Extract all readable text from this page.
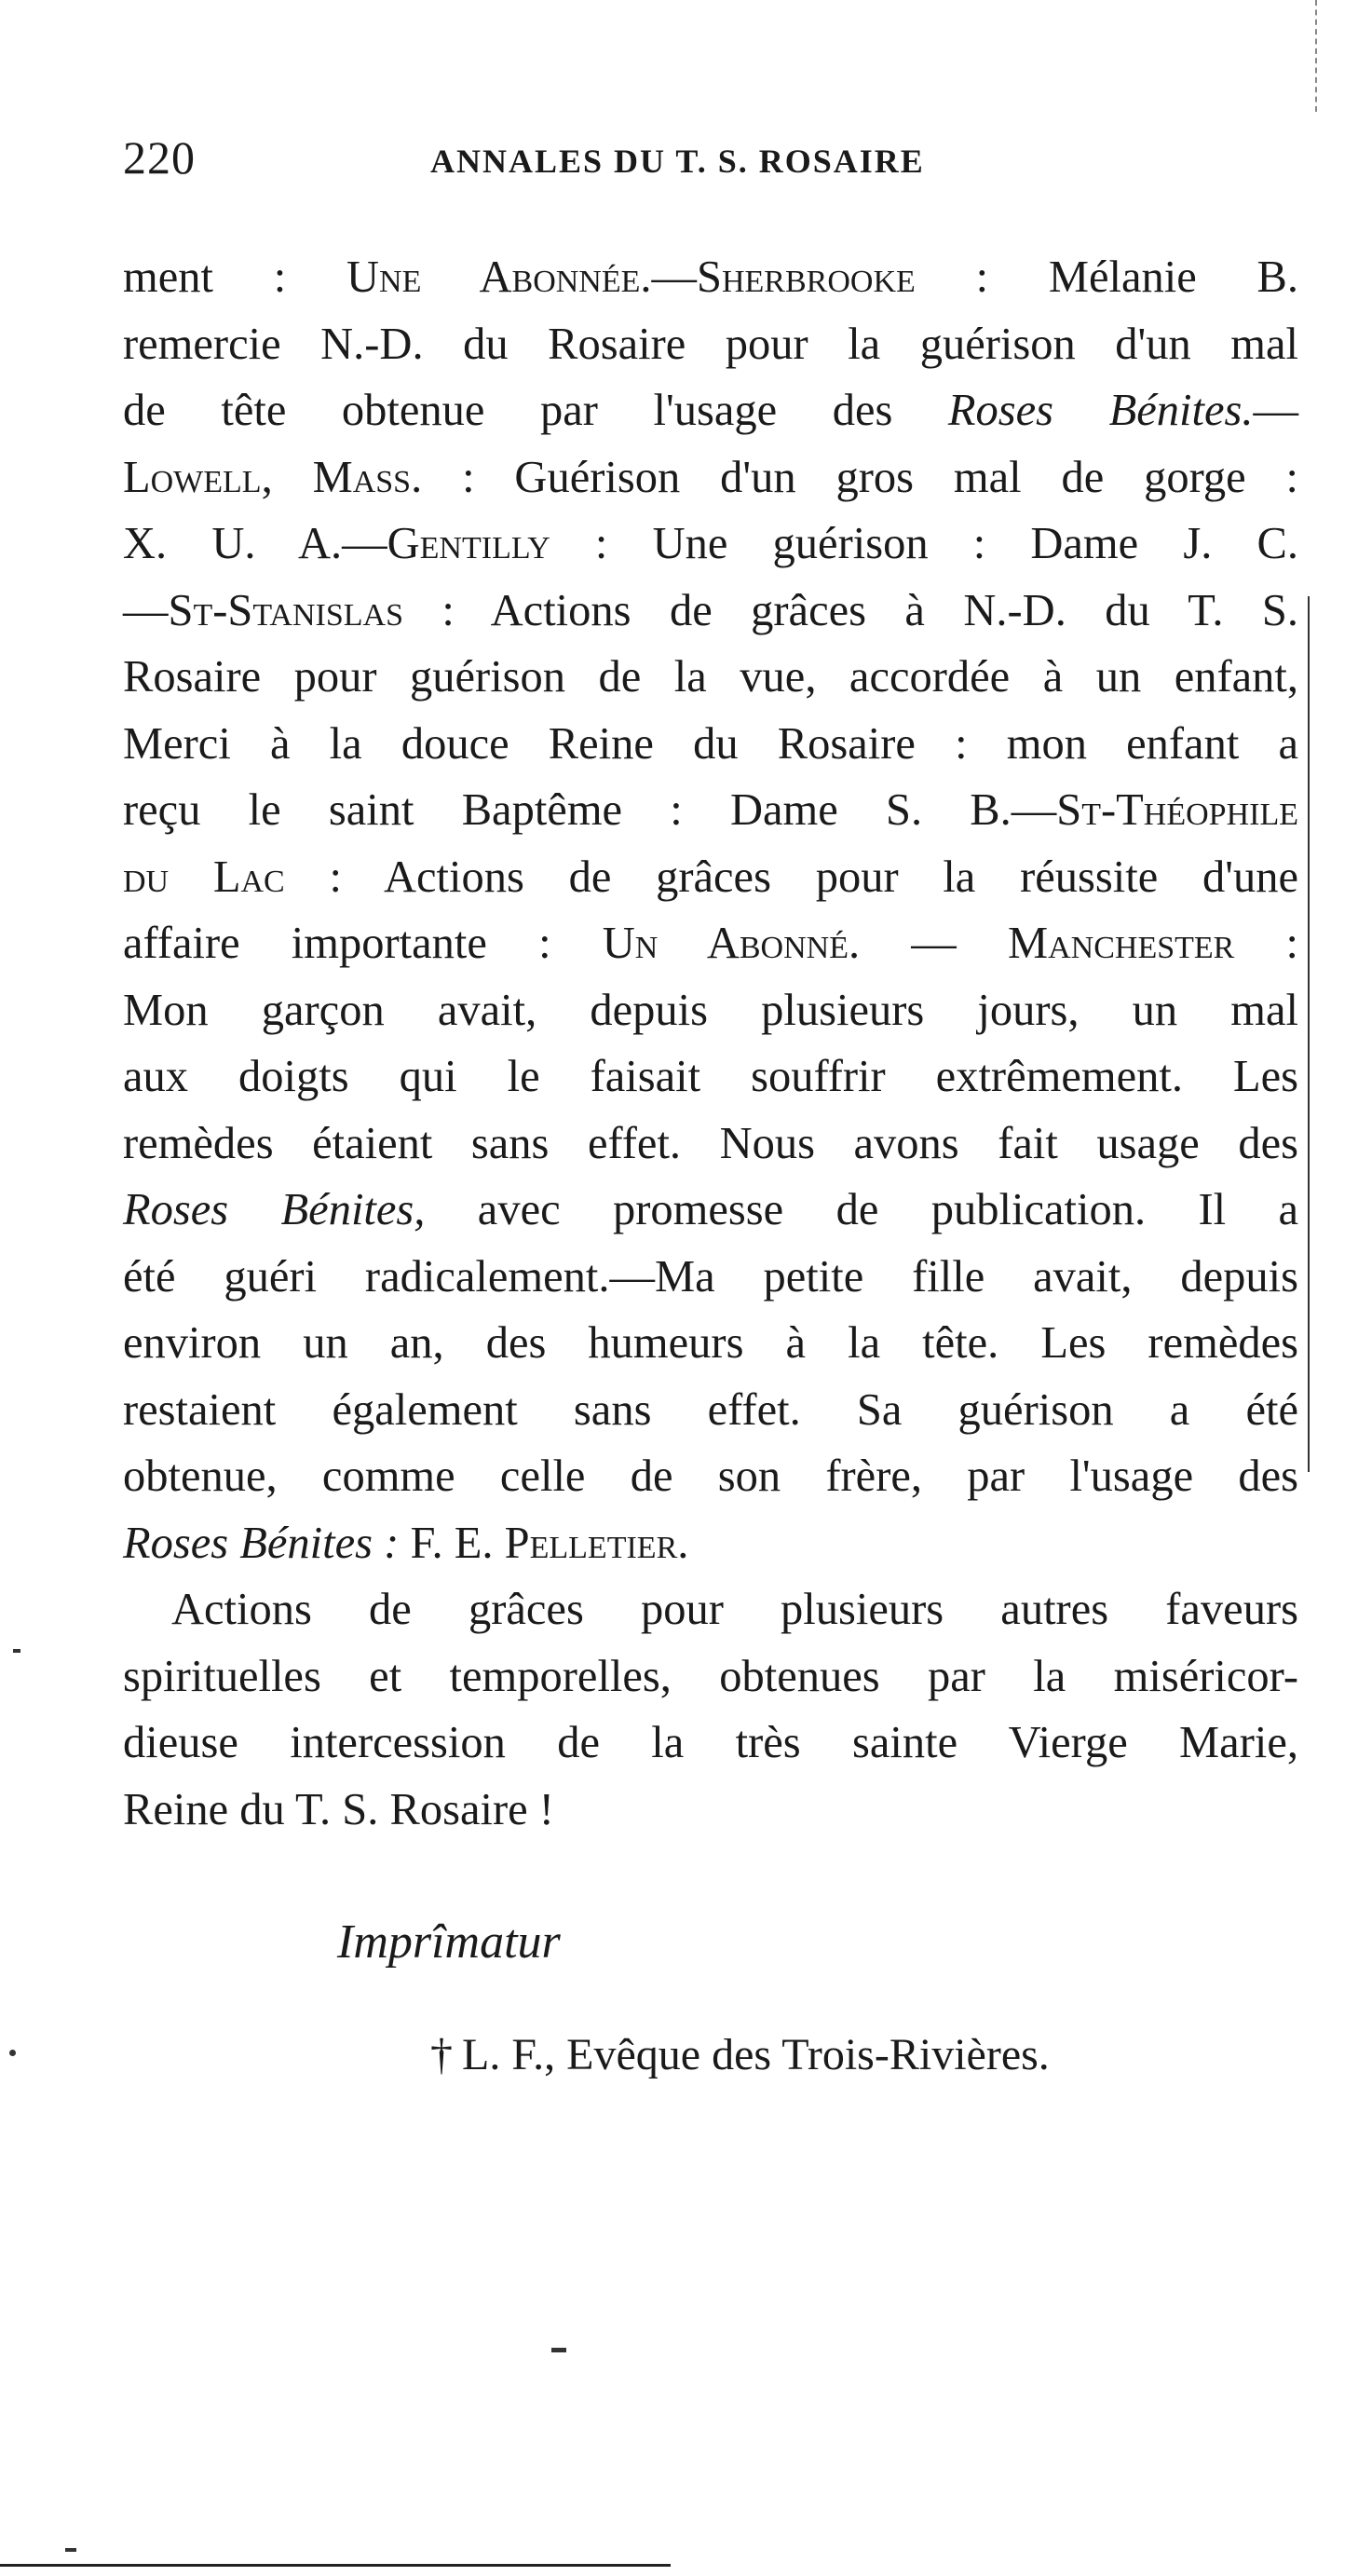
220	ANNALES DU T. S. ROSAIRE
ment : Une Abonnée.—Sherbrooke : Mélanie B.
remercie N.-D. du Rosaire pour la guérison d'un mal
de tête obtenue par l'usage des Roses Bénites.—
Lowell, Mass. : Guérison d'un gros mal de gorge :
X. U. A.—Gentilly : Une guérison : Dame J. C.
—St-Stanislas : Actions de grâces à N.-D. du T. S.
Rosaire pour guérison de la vue, accordée à un enfant,
Merci à la douce Reine du Rosaire : mon enfant a
reçu le saint Baptême : Dame S. B.—St-Théophile
du Lac : Actions de grâces pour la réussite d'une
affaire importante : Un Abonné. — Manchester :
Mon garçon avait, depuis plusieurs jours, un mal
aux doigts qui le faisait souffrir extrêmement. Les
remèdes étaient sans effet. Nous avons fait usage des
Roses Bénites, avec promesse de publication. Il a
été guéri radicalement.—Ma petite fille avait, depuis
environ un an, des humeurs à la tête. Les remèdes
restaient également sans effet. Sa guérison a été
obtenue, comme celle de son frère, par l'usage des
Roses Bénites : F. E. Pelletier.
Actions de grâces pour plusieurs autres faveurs
spirituelles et temporelles, obtenues par la miséricor-
dieuse intercession de la très sainte Vierge Marie,
Reine du T. S. Rosaire !
Imprîmatur
† L. F., Evêque des Trois-Rivières.
